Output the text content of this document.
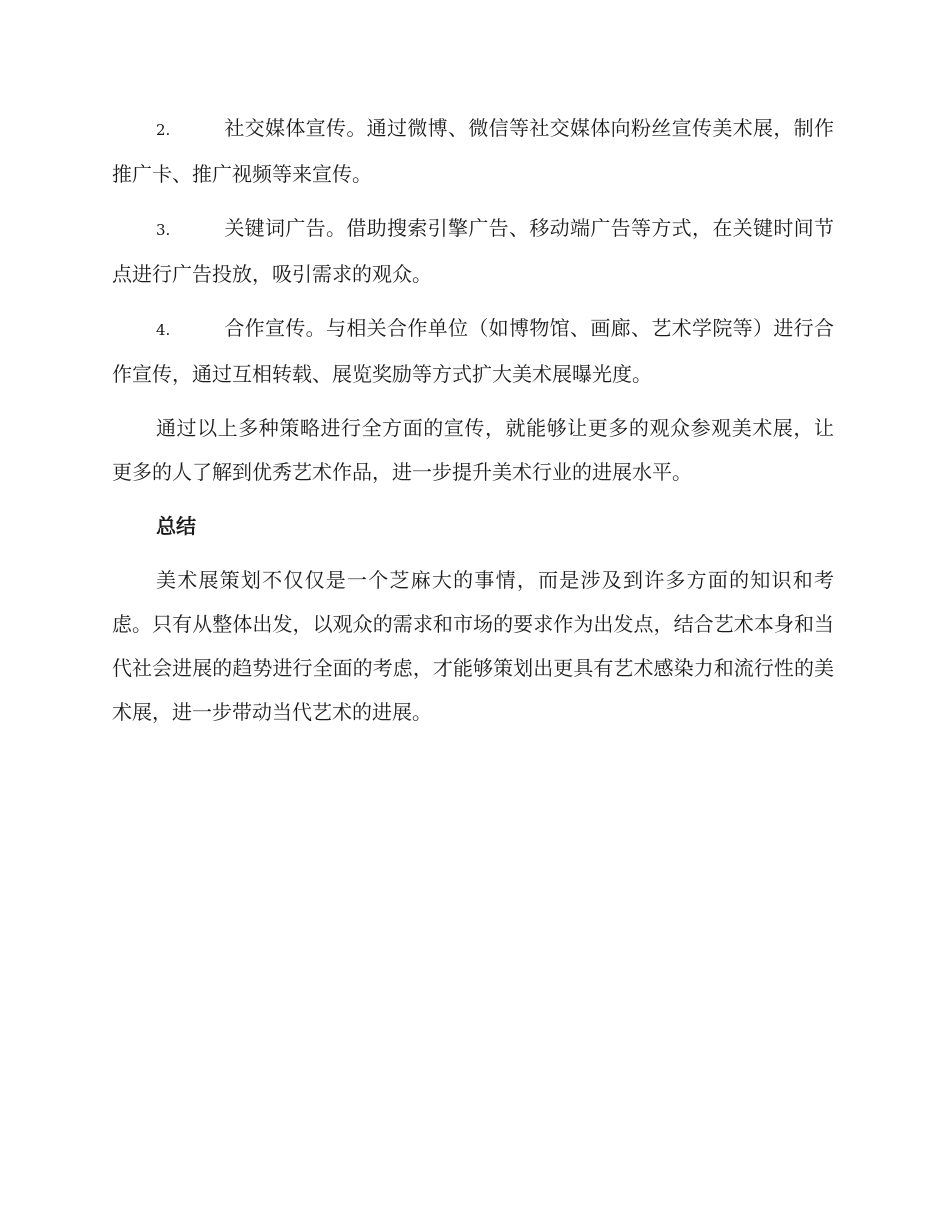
2.	社交媒体宣传。通过微博、微信等社交媒体向粉丝宣传美术展，制作推广卡、推广视频等来宣传。

3.	关键词广告。借助搜索引擎广告、移动端广告等方式，在关键时间节点进行广告投放，吸引需求的观众。

4.	合作宣传。与相关合作单位（如博物馆、画廊、艺术学院等）进行合作宣传，通过互相转载、展览奖励等方式扩大美术展曝光度。

通过以上多种策略进行全方面的宣传，就能够让更多的观众参观美术展，让更多的人了解到优秀艺术作品，进一步提升美术行业的进展水平。

总结

美术展策划不仅仅是一个芝麻大的事情，而是涉及到许多方面的知识和考虑。只有从整体出发，以观众的需求和市场的要求作为出发点，结合艺术本身和当代社会进展的趋势进行全面的考虑，才能够策划出更具有艺术感染力和流行性的美术展，进一步带动当代艺术的进展。
